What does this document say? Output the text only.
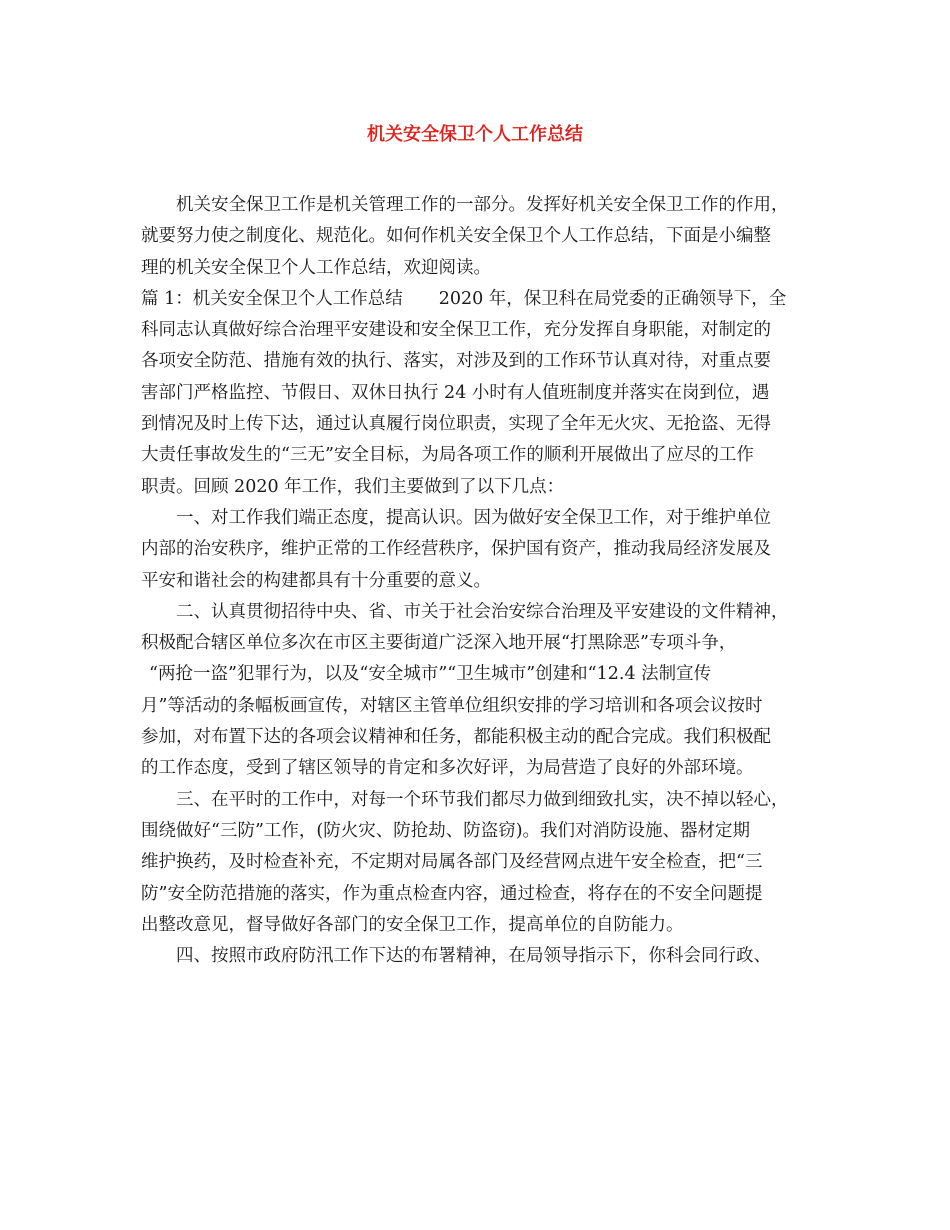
机关安全保卫个人工作总结
机关安全保卫工作是机关管理工作的一部分。发挥好机关安全保卫工作的作用，
就要努力使之制度化、规范化。如何作机关安全保卫个人工作总结，下面是小编整
理的机关安全保卫个人工作总结，欢迎阅读。
篇 1：机关安全保卫个人工作总结 2020 年，保卫科在局党委的正确领导下，全
科同志认真做好综合治理平安建设和安全保卫工作，充分发挥自身职能，对制定的
各项安全防范、措施有效的执行、落实，对涉及到的工作环节认真对待，对重点要
害部门严格监控、节假日、双休日执行 24 小时有人值班制度并落实在岗到位，遇
到情况及时上传下达，通过认真履行岗位职责，实现了全年无火灾、无抢盗、无得
大责任事故发生的“三无”安全目标，为局各项工作的顺利开展做出了应尽的工作
职责。回顾 2020 年工作，我们主要做到了以下几点：
一、对工作我们端正态度，提高认识。因为做好安全保卫工作，对于维护单位
内部的治安秩序，维护正常的工作经营秩序，保护国有资产，推动我局经济发展及
平安和谐社会的构建都具有十分重要的意义。
二、认真贯彻招待中央、省、市关于社会治安综合治理及平安建设的文件精神，
积极配合辖区单位多次在市区主要街道广泛深入地开展“打黑除恶”专项斗争，
“两抢一盗”犯罪行为，以及“安全城市”“卫生城市”创建和“12.4 法制宣传
月”等活动的条幅板画宣传，对辖区主管单位组织安排的学习培训和各项会议按时
参加，对布置下达的各项会议精神和任务，都能积极主动的配合完成。我们积极配
的工作态度，受到了辖区领导的肯定和多次好评，为局营造了良好的外部环境。
三、在平时的工作中，对每一个环节我们都尽力做到细致扎实，决不掉以轻心，
围绕做好“三防”工作，(防火灾、防抢劫、防盗窃)。我们对消防设施、器材定期
维护换药，及时检查补充，不定期对局属各部门及经营网点进午安全检查，把“三
防”安全防范措施的落实，作为重点检查内容，通过检查，将存在的不安全问题提
出整改意见，督导做好各部门的安全保卫工作，提高单位的自防能力。
四、按照市政府防汛工作下达的布署精神，在局领导指示下，你科会同行政、
